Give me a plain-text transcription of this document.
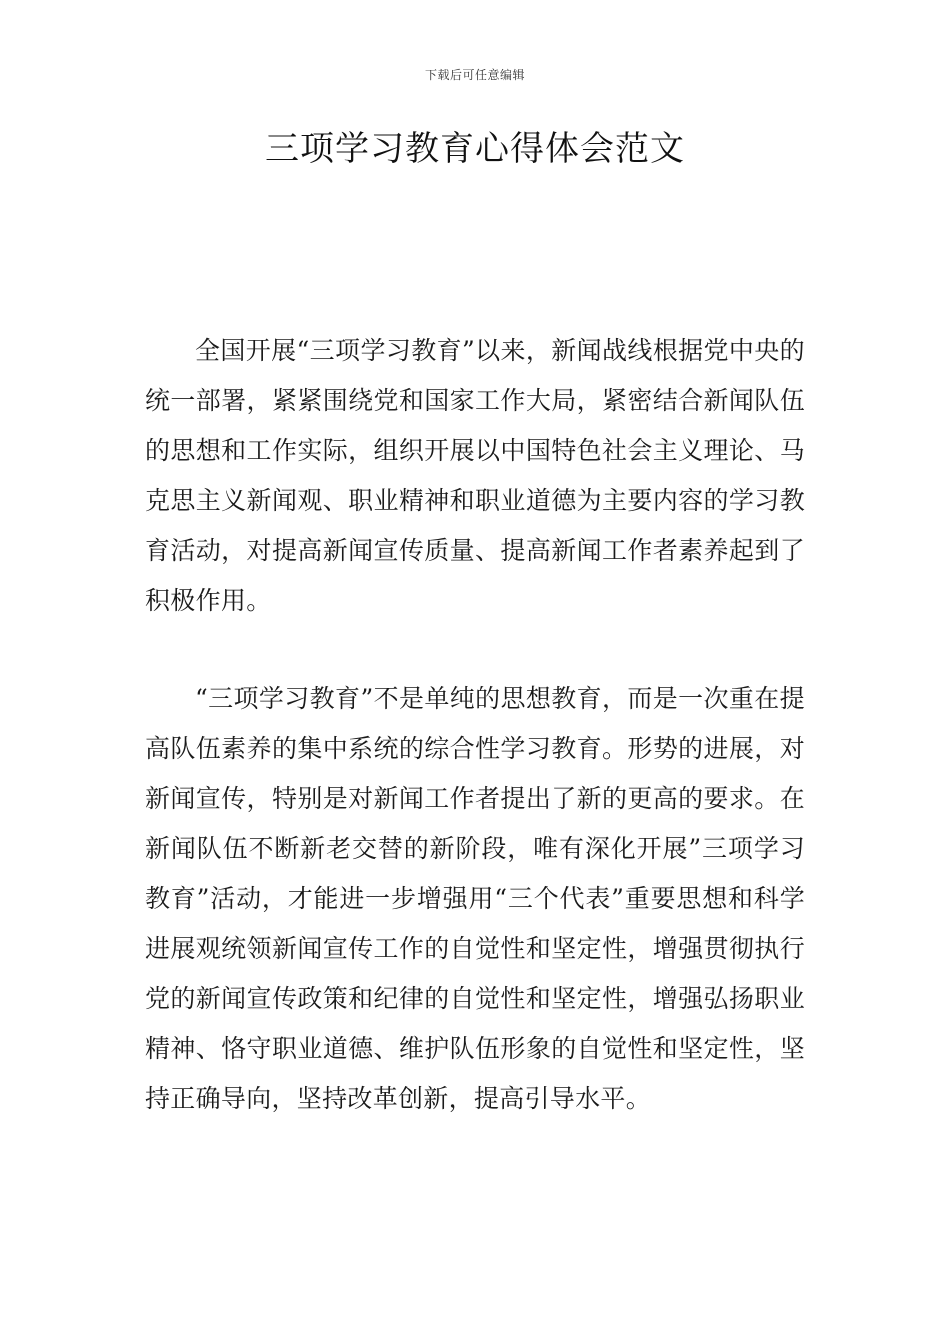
下载后可任意编辑
三项学习教育心得体会范文

全国开展“三项学习教育”以来，新闻战线根据党中央的统一部署，紧紧围绕党和国家工作大局，紧密结合新闻队伍的思想和工作实际，组织开展以中国特色社会主义理论、马克思主义新闻观、职业精神和职业道德为主要内容的学习教育活动，对提高新闻宣传质量、提高新闻工作者素养起到了积极作用。

“三项学习教育”不是单纯的思想教育，而是一次重在提高队伍素养的集中系统的综合性学习教育。形势的进展，对新闻宣传，特别是对新闻工作者提出了新的更高的要求。在新闻队伍不断新老交替的新阶段，唯有深化开展”三项学习教育”活动，才能进一步增强用“三个代表”重要思想和科学进展观统领新闻宣传工作的自觉性和坚定性，增强贯彻执行党的新闻宣传政策和纪律的自觉性和坚定性，增强弘扬职业精神、恪守职业道德、维护队伍形象的自觉性和坚定性，坚持正确导向，坚持改革创新，提高引导水平。
